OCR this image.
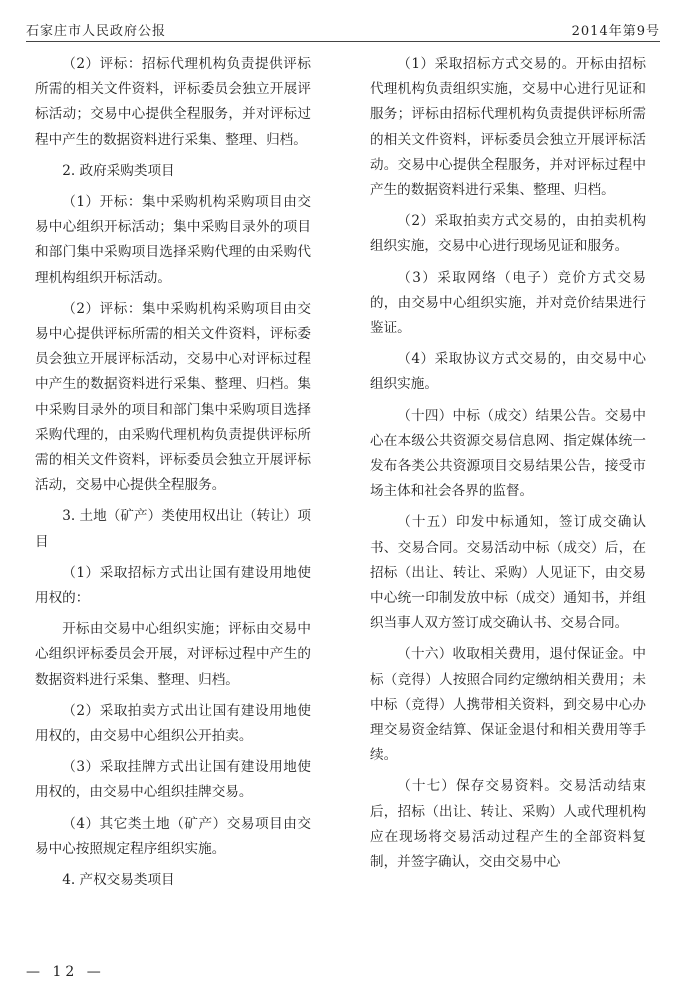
石家庄市人民政府公报	2014年第9号

（2）评标：招标代理机构负责提供评标所需的相关文件资料，评标委员会独立开展评标活动；交易中心提供全程服务，并对评标过程中产生的数据资料进行采集、整理、归档。

2. 政府采购类项目

（1）开标：集中采购机构采购项目由交易中心组织开标活动；集中采购目录外的项目和部门集中采购项目选择采购代理的由采购代理机构组织开标活动。

（2）评标：集中采购机构采购项目由交易中心提供评标所需的相关文件资料，评标委员会独立开展评标活动，交易中心对评标过程中产生的数据资料进行采集、整理、归档。集中采购目录外的项目和部门集中采购项目选择采购代理的，由采购代理机构负责提供评标所需的相关文件资料，评标委员会独立开展评标活动，交易中心提供全程服务。

3. 土地（矿产）类使用权出让（转让）项目

（1）采取招标方式出让国有建设用地使用权的：

开标由交易中心组织实施；评标由交易中心组织评标委员会开展，对评标过程中产生的数据资料进行采集、整理、归档。

（2）采取拍卖方式出让国有建设用地使用权的，由交易中心组织公开拍卖。

（3）采取挂牌方式出让国有建设用地使用权的，由交易中心组织挂牌交易。

（4）其它类土地（矿产）交易项目由交易中心按照规定程序组织实施。

4. 产权交易类项目

（1）采取招标方式交易的。开标由招标代理机构负责组织实施，交易中心进行见证和服务；评标由招标代理机构负责提供评标所需的相关文件资料，评标委员会独立开展评标活动。交易中心提供全程服务，并对评标过程中产生的数据资料进行采集、整理、归档。

（2）采取拍卖方式交易的，由拍卖机构组织实施，交易中心进行现场见证和服务。

（3）采取网络（电子）竞价方式交易的，由交易中心组织实施，并对竞价结果进行鉴证。

（4）采取协议方式交易的，由交易中心组织实施。

（十四）中标（成交）结果公告。交易中心在本级公共资源交易信息网、指定媒体统一发布各类公共资源项目交易结果公告，接受市场主体和社会各界的监督。

（十五）印发中标通知，签订成交确认书、交易合同。交易活动中标（成交）后，在招标（出让、转让、采购）人见证下，由交易中心统一印制发放中标（成交）通知书，并组织当事人双方签订成交确认书、交易合同。

（十六）收取相关费用，退付保证金。中标（竞得）人按照合同约定缴纳相关费用；未中标（竞得）人携带相关资料，到交易中心办理交易资金结算、保证金退付和相关费用等手续。

（十七）保存交易资料。交易活动结束后，招标（出让、转让、采购）人或代理机构应在现场将交易活动过程产生的全部资料复制，并签字确认，交由交易中心

— 12 —
